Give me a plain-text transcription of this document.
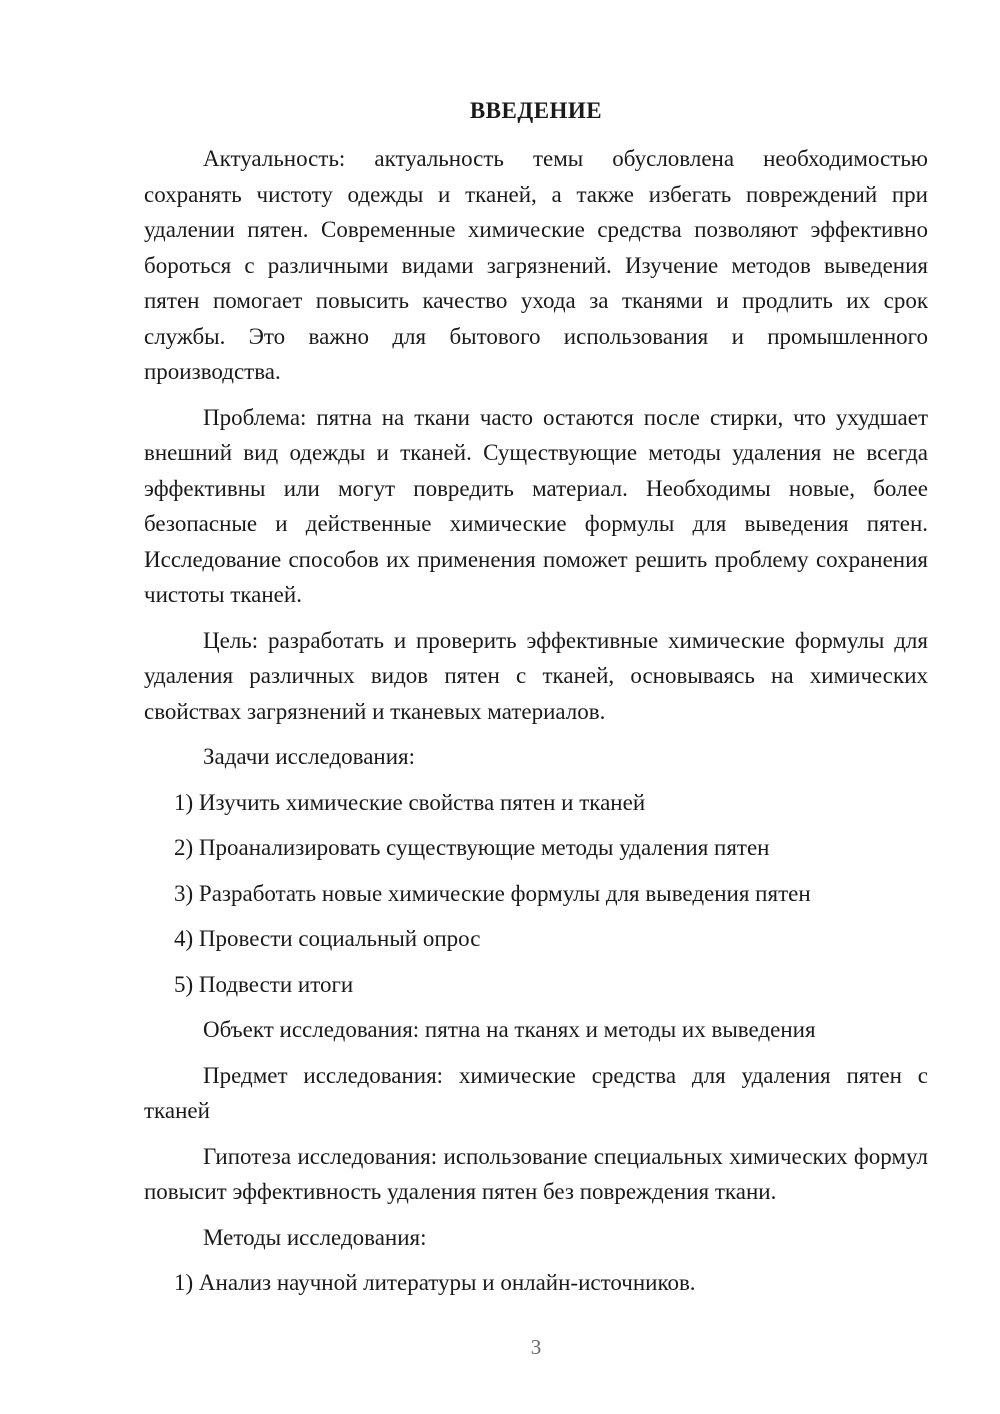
ВВЕДЕНИЕ

Актуальность: актуальность темы обусловлена необходимостью сохранять чистоту одежды и тканей, а также избегать повреждений при удалении пятен. Современные химические средства позволяют эффективно бороться с различными видами загрязнений. Изучение методов выведения пятен помогает повысить качество ухода за тканями и продлить их срок службы. Это важно для бытового использования и промышленного производства.

Проблема: пятна на ткани часто остаются после стирки, что ухудшает внешний вид одежды и тканей. Существующие методы удаления не всегда эффективны или могут повредить материал. Необходимы новые, более безопасные и действенные химические формулы для выведения пятен. Исследование способов их применения поможет решить проблему сохранения чистоты тканей.

Цель: разработать и проверить эффективные химические формулы для удаления различных видов пятен с тканей, основываясь на химических свойствах загрязнений и тканевых материалов.

Задачи исследования:

1) Изучить химические свойства пятен и тканей

2) Проанализировать существующие методы удаления пятен

3) Разработать новые химические формулы для выведения пятен

4) Провести социальный опрос

5) Подвести итоги

Объект исследования: пятна на тканях и методы их выведения

Предмет исследования: химические средства для удаления пятен с тканей

Гипотеза исследования: использование специальных химических формул повысит эффективность удаления пятен без повреждения ткани.

Методы исследования:

1) Анализ научной литературы и онлайн-источников.

3
